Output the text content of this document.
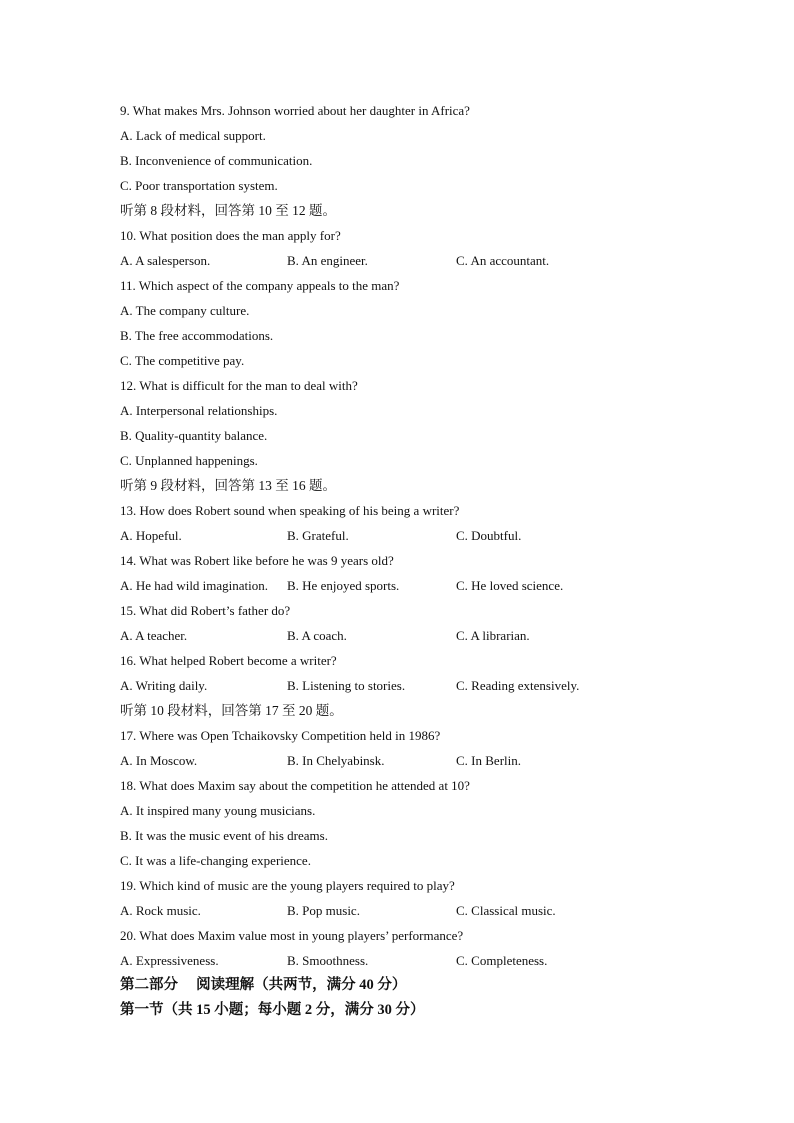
9. What makes Mrs. Johnson worried about her daughter in Africa?
A. Lack of medical support.
B. Inconvenience of communication.
C. Poor transportation system.
听第 8 段材料，回答第 10 至 12 题。
10. What position does the man apply for?
A. A salesperson.	B. An engineer.	C. An accountant.
11. Which aspect of the company appeals to the man?
A. The company culture.
B. The free accommodations.
C. The competitive pay.
12. What is difficult for the man to deal with?
A. Interpersonal relationships.
B. Quality-quantity balance.
C. Unplanned happenings.
听第 9 段材料，回答第 13 至 16 题。
13. How does Robert sound when speaking of his being a writer?
A. Hopeful.	B. Grateful.	C. Doubtful.
14. What was Robert like before he was 9 years old?
A. He had wild imagination. B. He enjoyed sports.	C. He loved science.
15. What did Robert’s father do?
A. A teacher.	B. A coach.	C. A librarian.
16. What helped Robert become a writer?
A. Writing daily.	B. Listening to stories.	C. Reading extensively.
听第 10 段材料，回答第 17 至 20 题。
17. Where was Open Tchaikovsky Competition held in 1986?
A. In Moscow.	B. In Chelyabinsk.	C. In Berlin.
18. What does Maxim say about the competition he attended at 10?
A. It inspired many young musicians.
B. It was the music event of his dreams.
C. It was a life-changing experience.
19. Which kind of music are the young players required to play?
A. Rock music.	B. Pop music.	C. Classical music.
20. What does Maxim value most in young players’ performance?
A. Expressiveness.	B. Smoothness.	C. Completeness.
第二部分　 阅读理解（共两节，满分 40 分）
第一节（共 15 小题；每小题 2 分，满分 30 分）
